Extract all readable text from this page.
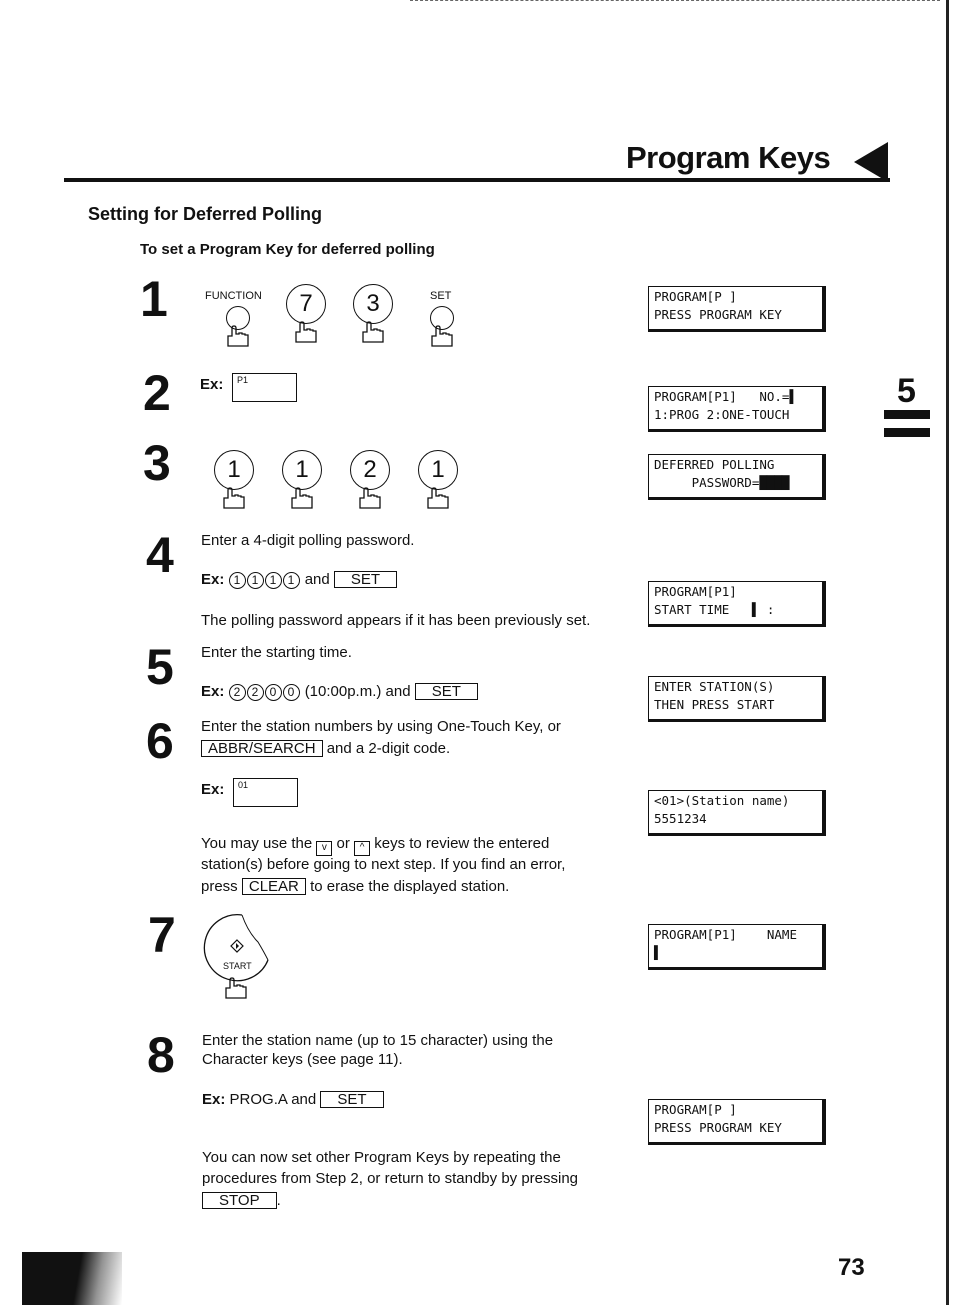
Program Keys
Setting for Deferred Polling
To set a Program Key for deferred polling
1	FUNCTION	7	3	SET
2 Ex: P1
3	1	1	2	1
4 Enter a 4-digit polling password.
Ex: 1 1 1 1 and SET
The polling password appears if it has been previously set.
5 Enter the starting time.
Ex: 2 2 0 0 (10:00p.m.) and SET
6 Enter the station numbers by using One-Touch Key, or
ABBR/SEARCH and a 2-digit code.
Ex: 01
You may use the v or ^ keys to review the entered
station(s) before going to next step. If you find an error,
press CLEAR to erase the displayed station.
7
START
8 Enter the station name (up to 15 character) using the
Character keys (see page 11).
Ex: PROG.A and SET
You can now set other Program Keys by repeating the
procedures from Step 2, or return to standby by pressing
STOP .
PROGRAM[P ]
PRESS PROGRAM KEY
PROGRAM[P1]   NO.=▌
1:PROG 2:ONE-TOUCH
DEFERRED POLLING
PASSWORD=████
PROGRAM[P1]
START TIME   ▌ :
ENTER STATION(S)
THEN PRESS START
<01>(Station name)
5551234
PROGRAM[P1]    NAME
▌
PROGRAM[P ]
PRESS PROGRAM KEY
5
73
